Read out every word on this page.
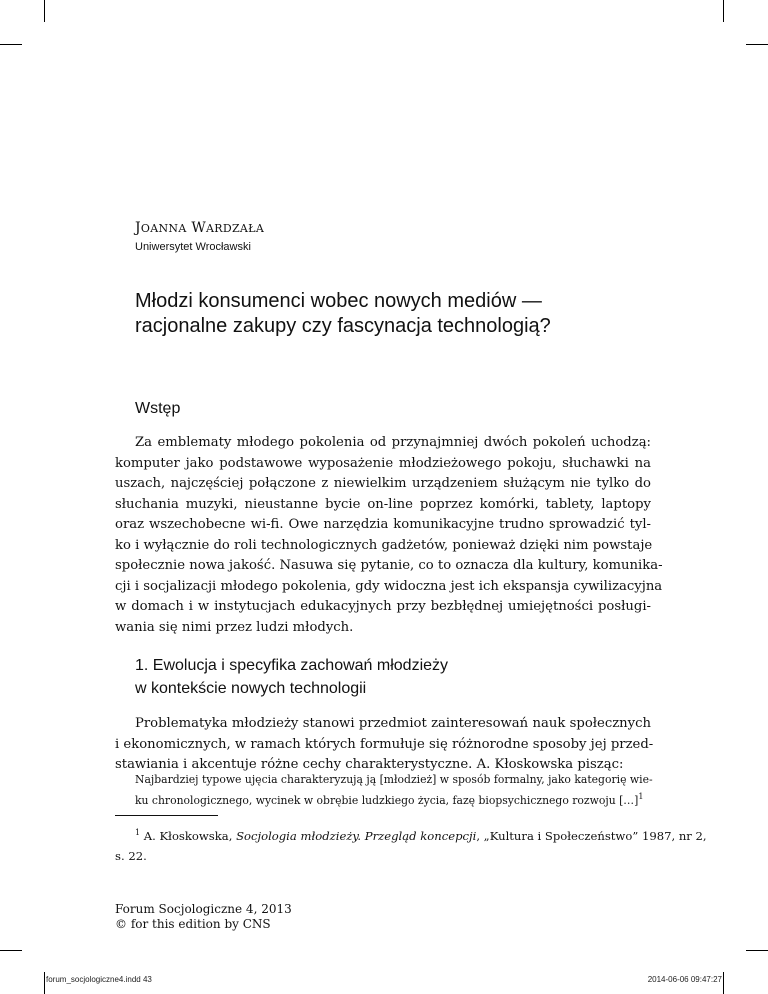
JOANNA WARDZAŁA
Uniwersytet Wrocławski
Młodzi konsumenci wobec nowych mediów —
racjonalne zakupy czy fascynacja technologią?
Wstęp
Za emblematy młodego pokolenia od przynajmniej dwóch pokoleń uchodzą:
komputer jako podstawowe wyposażenie młodzieżowego pokoju, słuchawki na
uszach, najczęściej połączone z niewielkim urządzeniem służącym nie tylko do
słuchania muzyki, nieustanne bycie on-line poprzez komórki, tablety, laptopy
oraz wszechobecne wi-fi. Owe narzędzia komunikacyjne trudno sprowadzić tyl-
ko i wyłącznie do roli technologicznych gadżetów, ponieważ dzięki nim powstaje
społecznie nowa jakość. Nasuwa się pytanie, co to oznacza dla kultury, komunika-
cji i socjalizacji młodego pokolenia, gdy widoczna jest ich ekspansja cywilizacyjna
w domach i w instytucjach edukacyjnych przy bezbłędnej umiejętności posługi-
wania się nimi przez ludzi młodych.
1. Ewolucja i specyfika zachowań młodzieży
w kontekście nowych technologii
Problematyka młodzieży stanowi przedmiot zainteresowań nauk społecznych
i ekonomicznych, w ramach których formułuje się różnorodne sposoby jej przed-
stawiania i akcentuje różne cechy charakterystyczne. A. Kłoskowska pisząc:
Najbardziej typowe ujęcia charakteryzują ją [młodzież] w sposób formalny, jako kategorię wie-
ku chronologicznego, wycinek w obrębie ludzkiego życia, fazę biopsychicznego rozwoju […]$^1$
$^1$ A. Kłoskowska, Socjologia młodzieży. Przegląd koncepcji, „Kultura i Społeczeństwo” 1987, nr 2,
s. 22.
Forum Socjologiczne 4, 2013
© for this edition by CNS
forum_socjologiczne4.indd 43	2014-06-06 09:47:27
